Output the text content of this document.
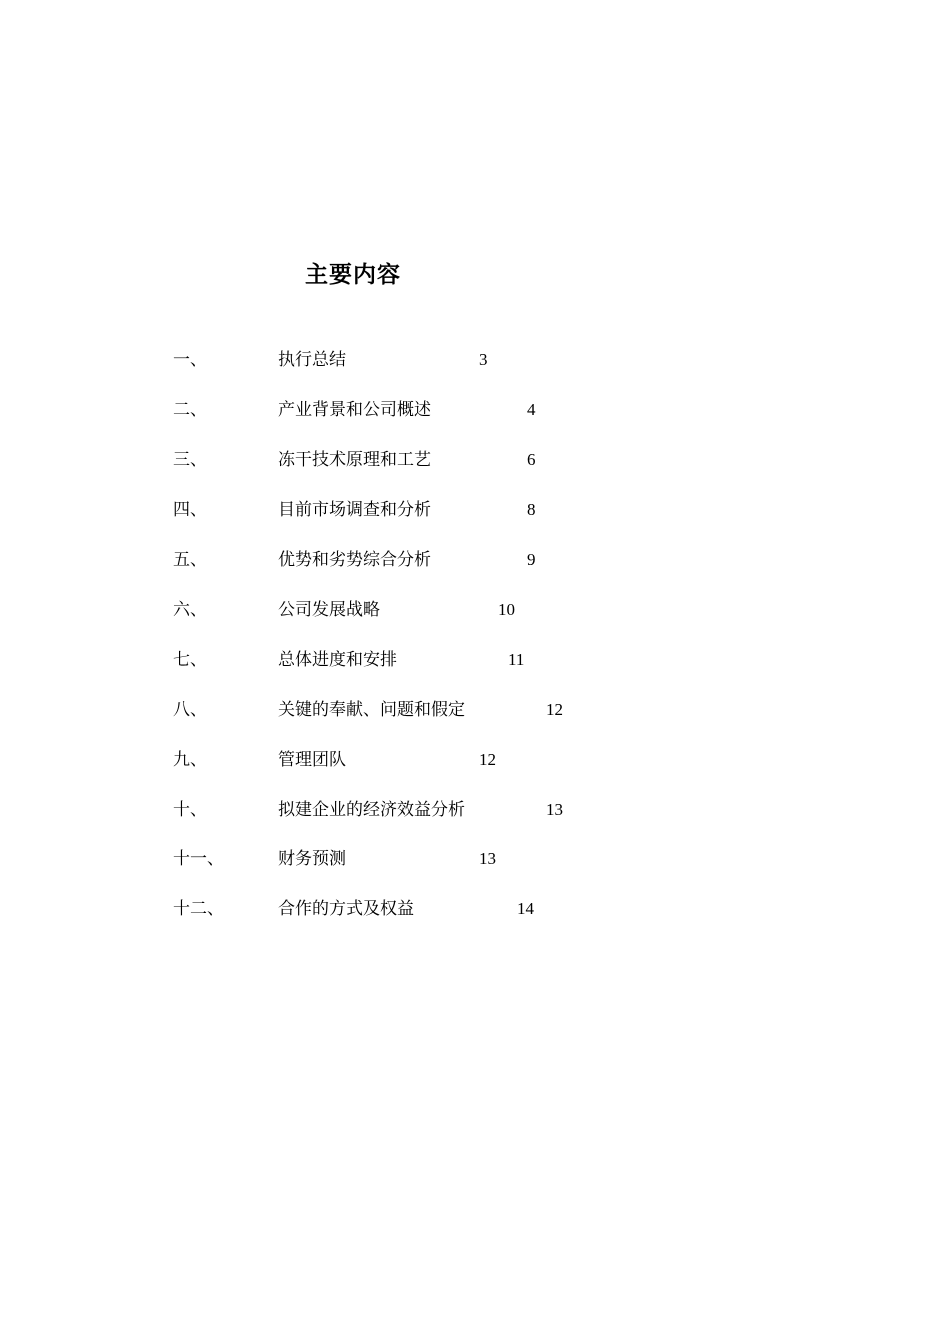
主要内容
一、	执行总结	3
二、	产业背景和公司概述	4
三、	冻干技术原理和工艺	6
四、	目前市场调查和分析	8
五、	优势和劣势综合分析	9
六、	公司发展战略	10
七、	总体进度和安排	11
八、	关键的奉献、问题和假定	12
九、	管理团队	12
十、	拟建企业的经济效益分析	13
十一、	财务预测	13
十二、	合作的方式及权益	14
